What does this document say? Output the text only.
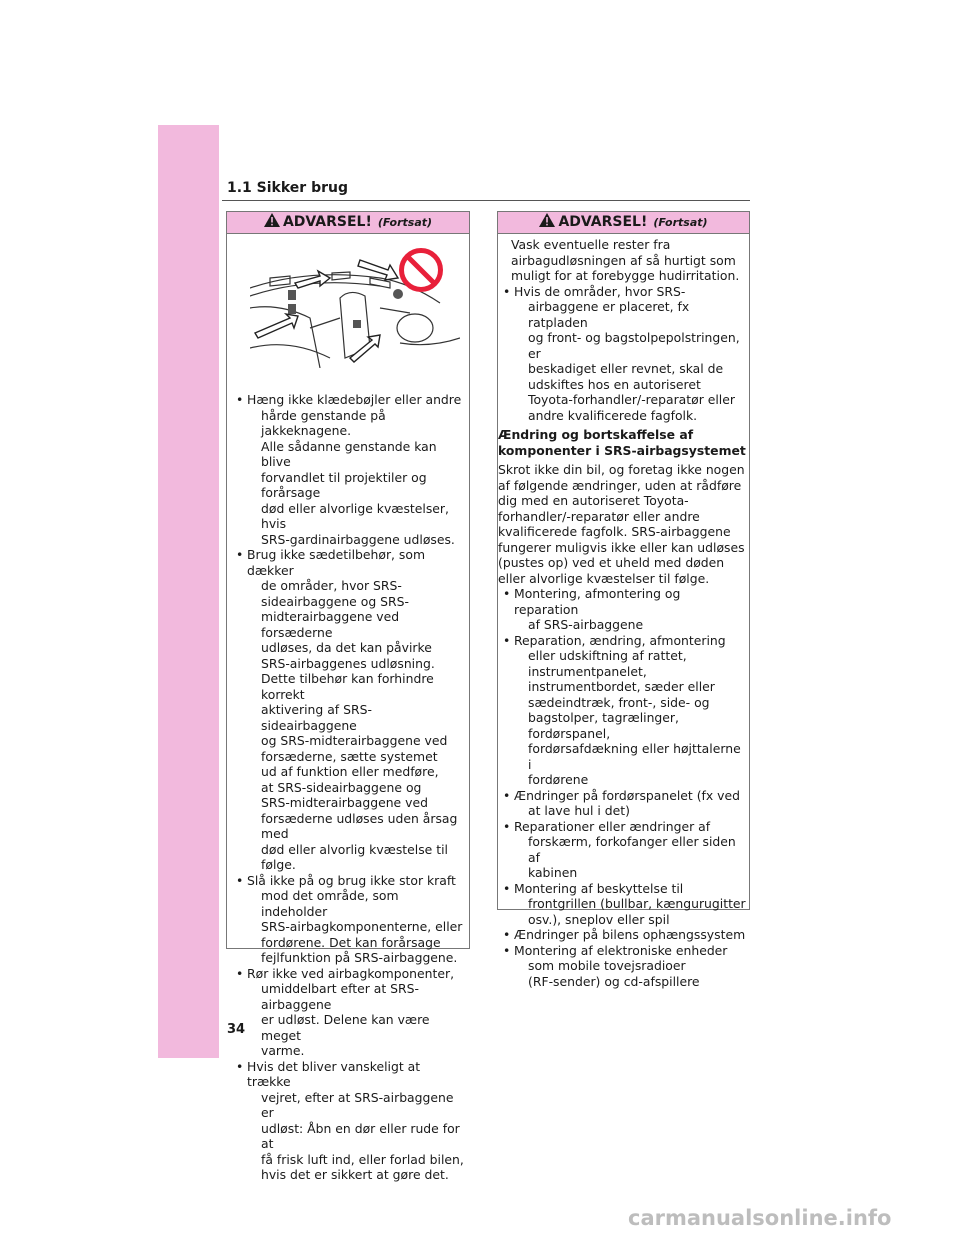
1.1 Sikker brug
ADVARSEL! (Fortsat)
• Hæng ikke klædebøjler eller andre
hårde genstande på jakkeknagene.
Alle sådanne genstande kan blive
forvandlet til projektiler og forårsage
død eller alvorlige kvæstelser, hvis
SRS-gardinairbaggene udløses.
• Brug ikke sædetilbehør, som dækker
de områder, hvor SRS-
sideairbaggene og SRS-
midterairbaggene ved forsæderne
udløses, da det kan påvirke
SRS-airbaggenes udløsning.
Dette tilbehør kan forhindre korrekt
aktivering af SRS-sideairbaggene
og SRS-midterairbaggene ved
forsæderne, sætte systemet
ud af funktion eller medføre,
at SRS-sideairbaggene og
SRS-midterairbaggene ved
forsæderne udløses uden årsag med
død eller alvorlig kvæstelse til følge.
• Slå ikke på og brug ikke stor kraft
mod det område, som indeholder
SRS-airbagkomponenterne, eller
fordørene. Det kan forårsage
fejlfunktion på SRS-airbaggene.
• Rør ikke ved airbagkomponenter,
umiddelbart efter at SRS-airbaggene
er udløst. Delene kan være meget
varme.
• Hvis det bliver vanskeligt at trække
vejret, efter at SRS-airbaggene er
udløst: Åbn en dør eller rude for at
få frisk luft ind, eller forlad bilen,
hvis det er sikkert at gøre det.
ADVARSEL! (Fortsat)
Vask eventuelle rester fra
airbagudløsningen af så hurtigt som
muligt for at forebygge hudirritation.
• Hvis de områder, hvor SRS-
airbaggene er placeret, fx ratpladen
og front- og bagstolpepolstringen, er
beskadiget eller revnet, skal de
udskiftes hos en autoriseret
Toyota-forhandler/-reparatør eller
andre kvalificerede fagfolk.
Ændring og bortskaffelse af
komponenter i SRS-airbagsystemet
Skrot ikke din bil, og foretag ikke nogen
af følgende ændringer, uden at rådføre
dig med en autoriseret Toyota-
forhandler/-reparatør eller andre
kvalificerede fagfolk. SRS-airbaggene
fungerer muligvis ikke eller kan udløses
(pustes op) ved et uheld med døden
eller alvorlige kvæstelser til følge.
• Montering, afmontering og reparation
af SRS-airbaggene
• Reparation, ændring, afmontering
eller udskiftning af rattet,
instrumentpanelet,
instrumentbordet, sæder eller
sædeindtræk, front-, side- og
bagstolper, tagrælinger, fordørspanel,
fordørsafdækning eller højttalerne i
fordørene
• Ændringer på fordørspanelet (fx ved
at lave hul i det)
• Reparationer eller ændringer af
forskærm, forkofanger eller siden af
kabinen
• Montering af beskyttelse til
frontgrillen (bullbar, kængurugitter
osv.), sneplov eller spil
• Ændringer på bilens ophængssystem
• Montering af elektroniske enheder
som mobile tovejsradioer
(RF-sender) og cd-afspillere
34
carmanualsonline.info
